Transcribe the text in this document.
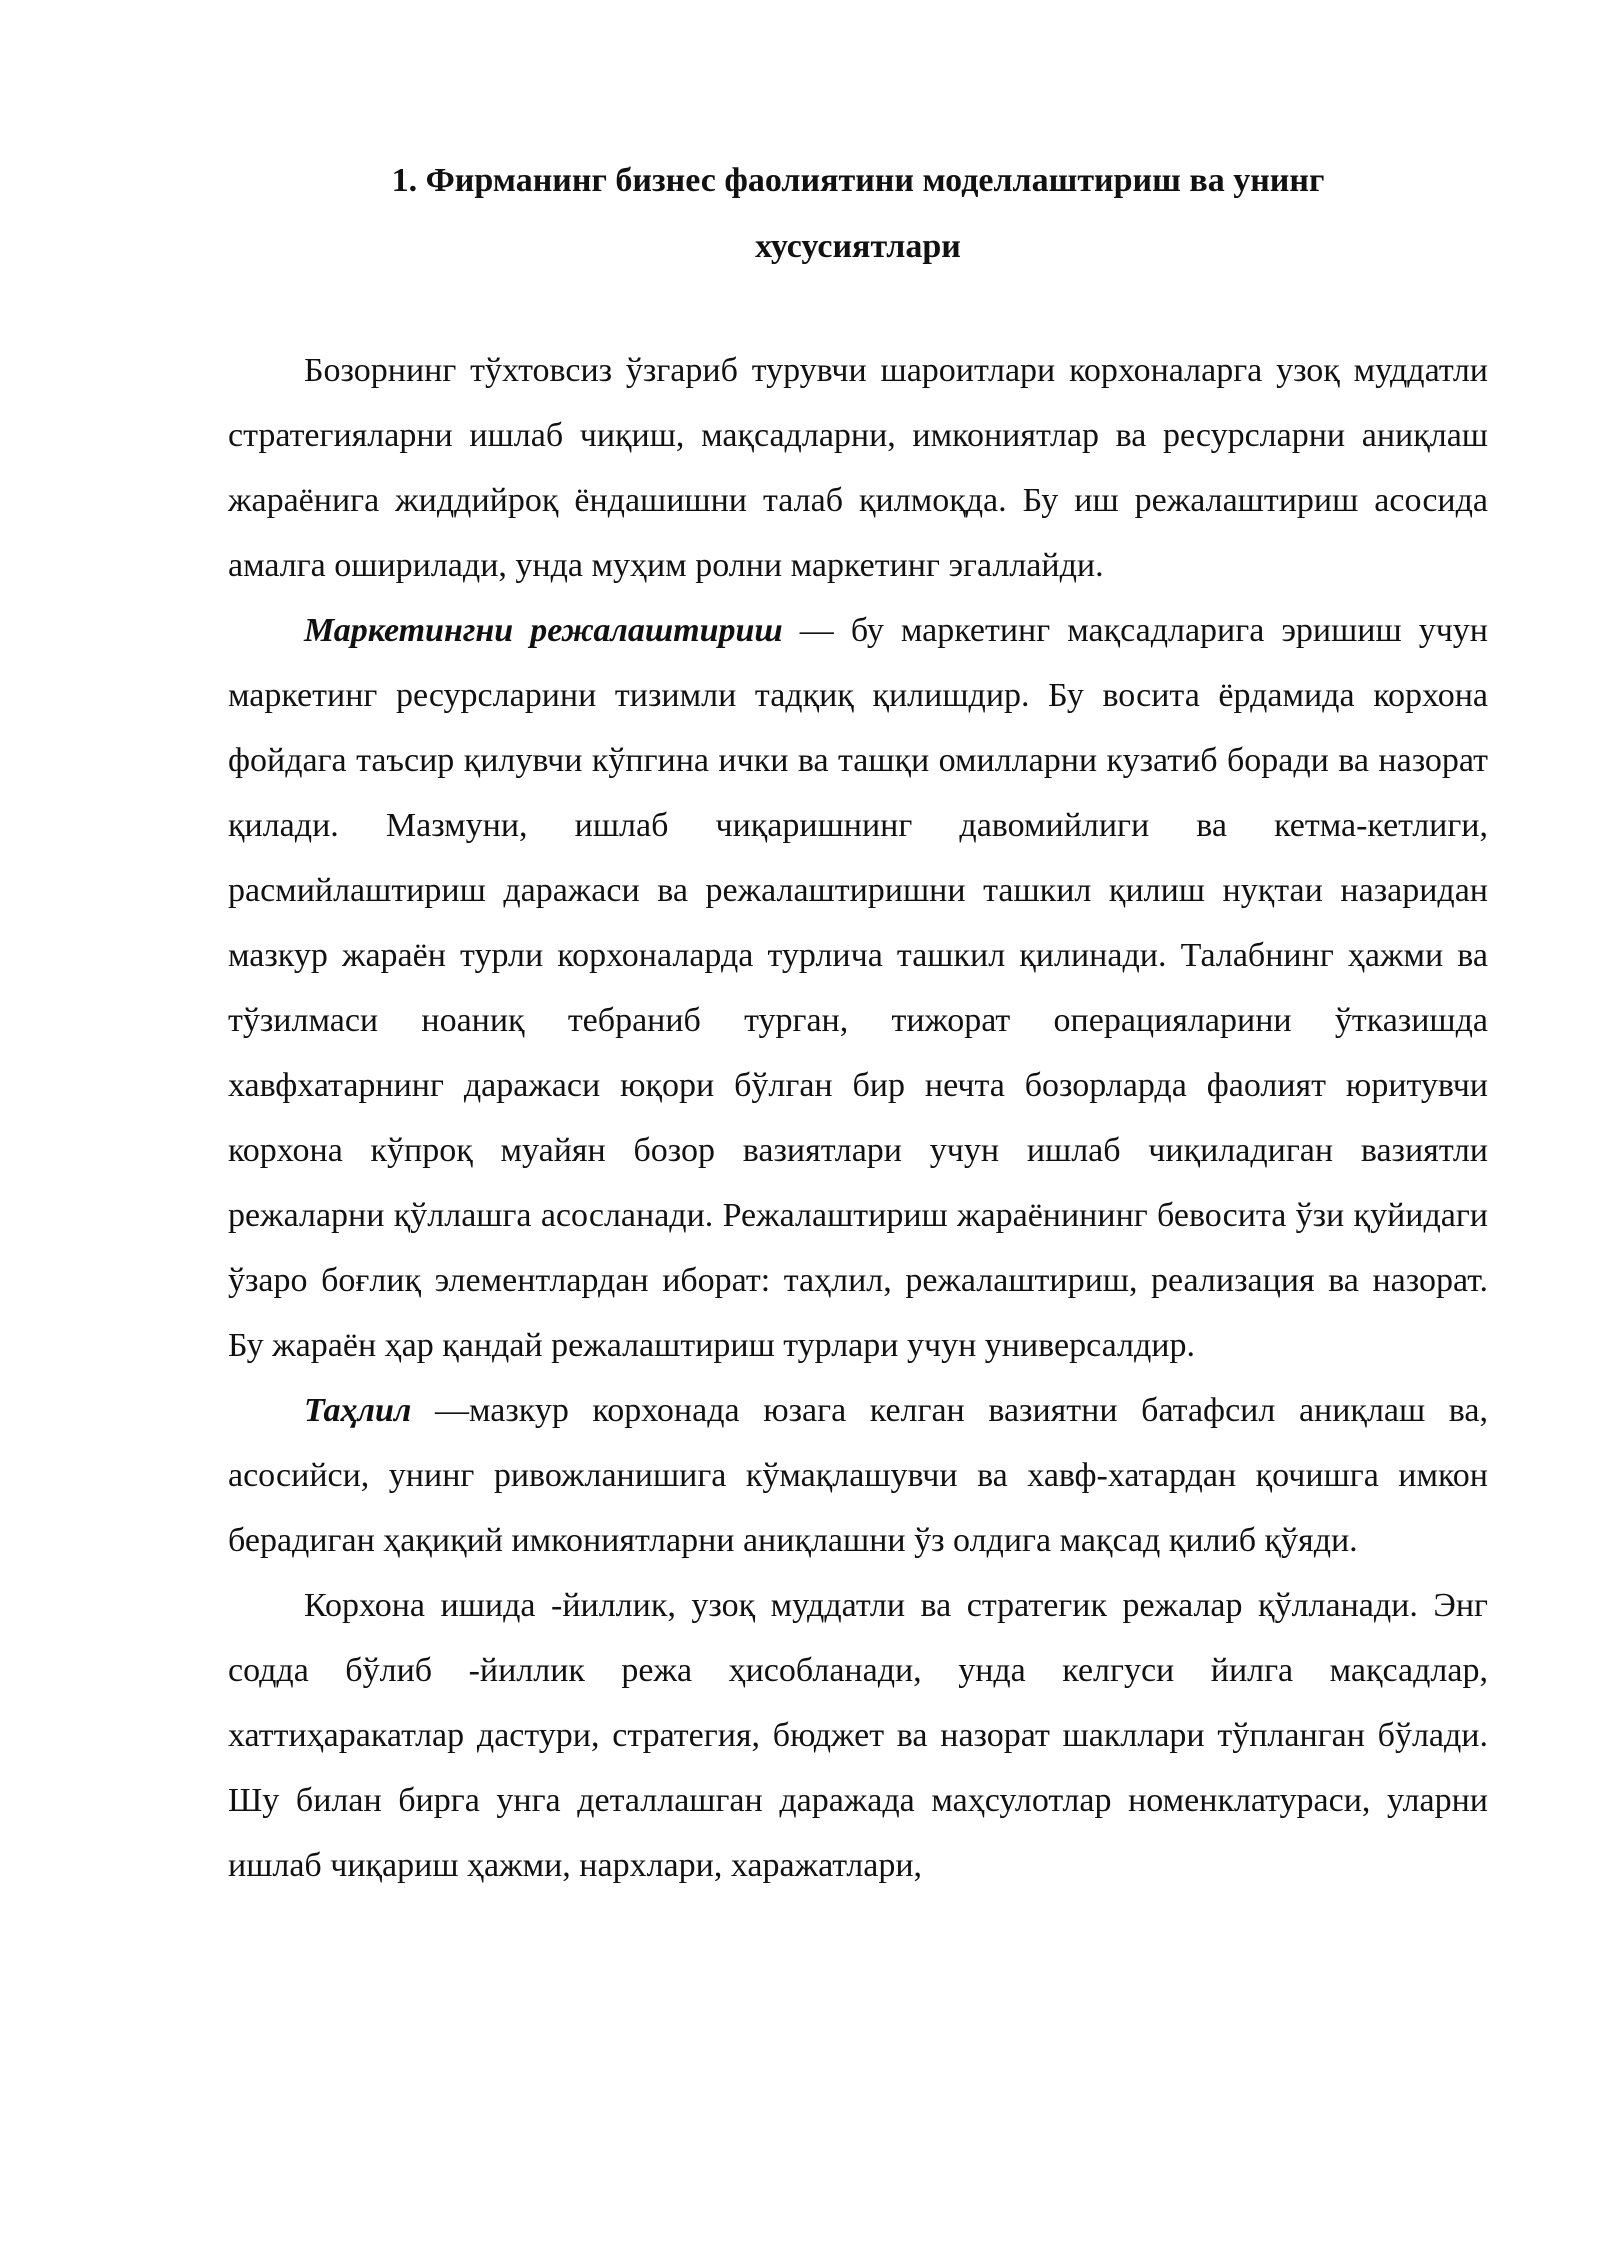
1. Фирманинг бизнес фаолиятини моделлаштириш ва унинг
хусусиятлари

Бозорнинг тўхтовсиз ўзгариб турувчи шароитлари корхоналарга узоқ муддатли стратегияларни ишлаб чиқиш, мақсадларни, имкониятлар ва ресурсларни аниқлаш жараёнига жиддийроқ ёндашишни талаб қилмоқда. Бу иш режалаштириш асосида амалга оширилади, унда муҳим ролни маркетинг эгаллайди.

Маркетингни режалаштириш — бу маркетинг мақсадларига эришиш учун маркетинг ресурсларини тизимли тадқиқ қилишдир. Бу восита ёрдамида корхона фойдага таъсир қилувчи кўпгина ички ва ташқи омилларни кузатиб боради ва назорат қилади. Мазмуни, ишлаб чиқаришнинг давомийлиги ва кетма-кетлиги, расмийлаштириш даражаси ва режалаштиришни ташкил қилиш нуқтаи назаридан мазкур жараён турли корхоналарда турлича ташкил қилинади. Талабнинг ҳажми ва тўзилмаси ноаниқ тебраниб турган, тижорат операцияларини ўтказишда хавфхатарнинг даражаси юқори бўлган бир нечта бозорларда фаолият юритувчи корхона кўпроқ муайян бозор вазиятлари учун ишлаб чиқиладиган вазиятли режаларни қўллашга асосланади. Режалаштириш жараёнининг бевосита ўзи қуйидаги ўзаро боғлиқ элементлардан иборат: таҳлил, режалаштириш, реализация ва назорат. Бу жараён ҳар қандай режалаштириш турлари учун универсалдир.

Таҳлил —мазкур корхонада юзага келган вазиятни батафсил аниқлаш ва, асосийси, унинг ривожланишига кўмақлашувчи ва хавф-хатардан қочишга имкон берадиган ҳақиқий имкониятларни аниқлашни ўз олдига мақсад қилиб қўяди.

Корхона ишида -йиллик, узоқ муддатли ва стратегик режалар қўлланади. Энг содда бўлиб -йиллик режа ҳисобланади, унда келгуси йилга мақсадлар, хаттиҳаракатлар дастури, стратегия, бюджет ва назорат шакллари тўпланган бўлади. Шу билан бирга унга деталлашган даражада маҳсулотлар номенклатураси, уларни ишлаб чиқариш ҳажми, нархлари, харажатлари,
